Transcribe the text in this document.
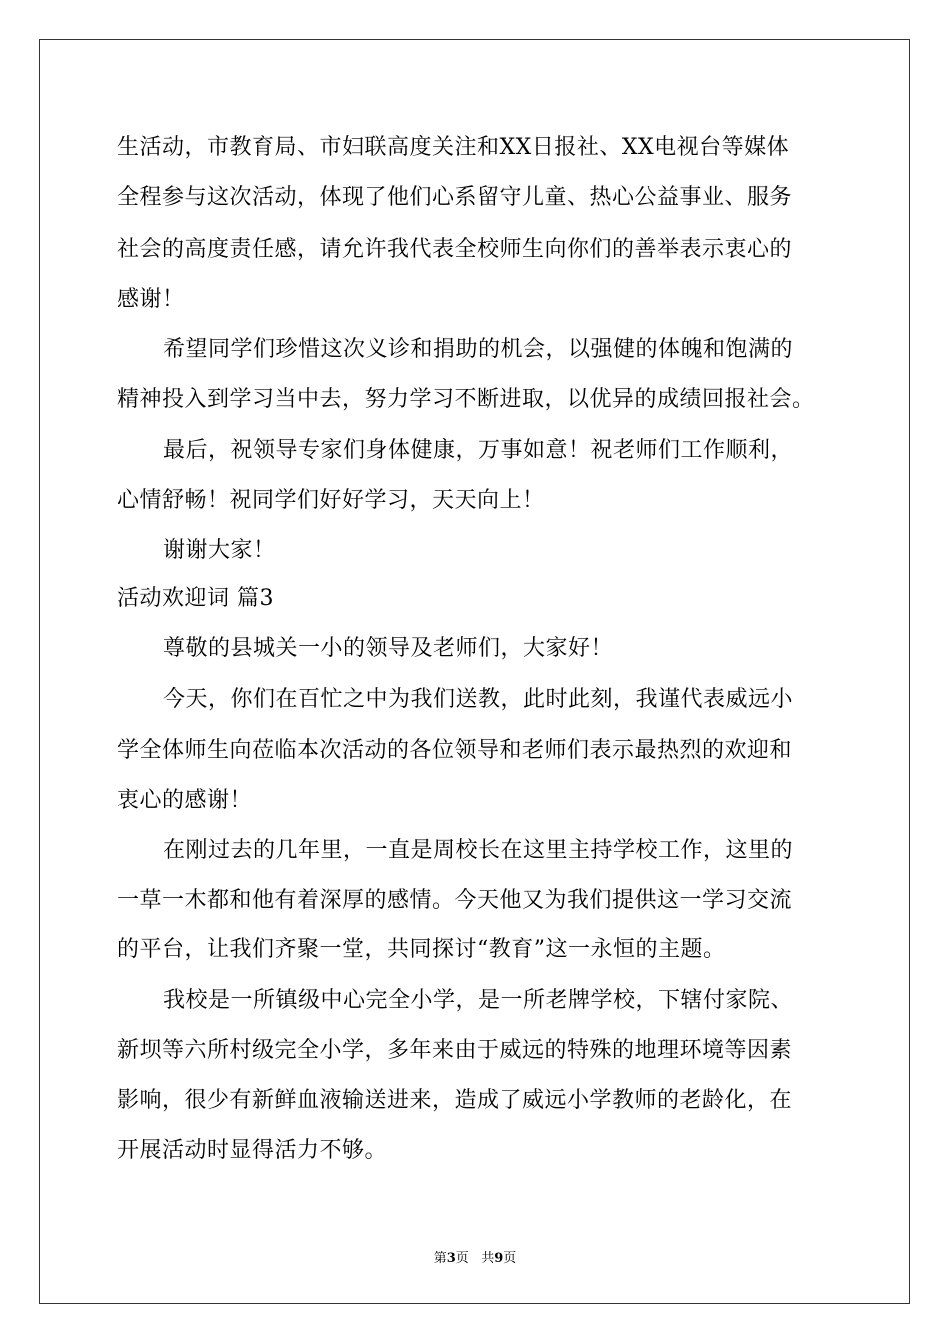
生活动，市教育局、市妇联高度关注和XX日报社、XX电视台等媒体
全程参与这次活动，体现了他们心系留守儿童、热心公益事业、服务
社会的高度责任感，请允许我代表全校师生向你们的善举表示衷心的
感谢！
希望同学们珍惜这次义诊和捐助的机会，以强健的体魄和饱满的
精神投入到学习当中去，努力学习不断进取，以优异的成绩回报社会。
最后，祝领导专家们身体健康，万事如意！祝老师们工作顺利，
心情舒畅！祝同学们好好学习，天天向上！
谢谢大家！
活动欢迎词 篇3
尊敬的县城关一小的领导及老师们，大家好！
今天，你们在百忙之中为我们送教，此时此刻，我谨代表威远小
学全体师生向莅临本次活动的各位领导和老师们表示最热烈的欢迎和
衷心的感谢！
在刚过去的几年里，一直是周校长在这里主持学校工作，这里的
一草一木都和他有着深厚的感情。今天他又为我们提供这一学习交流
的平台，让我们齐聚一堂，共同探讨“教育”这一永恒的主题。
我校是一所镇级中心完全小学，是一所老牌学校，下辖付家院、
新坝等六所村级完全小学，多年来由于威远的特殊的地理环境等因素
影响，很少有新鲜血液输送进来，造成了威远小学教师的老龄化，在
开展活动时显得活力不够。
第3页 共9页
